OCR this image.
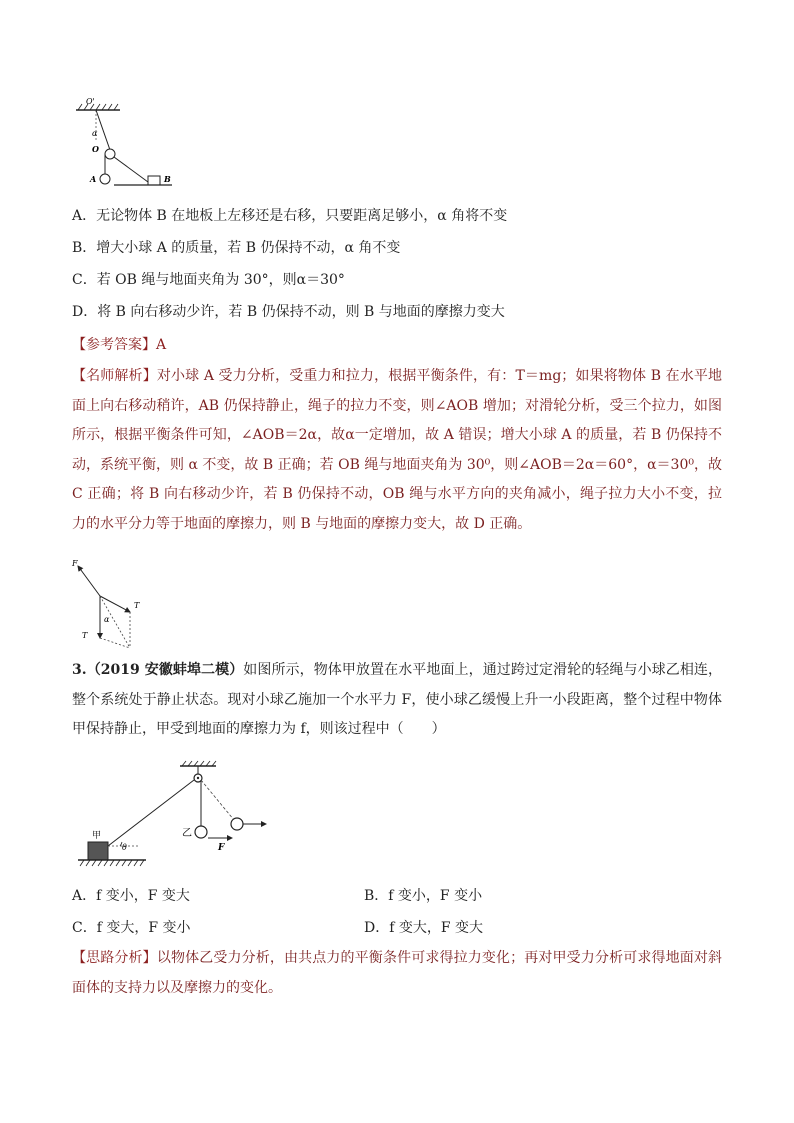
O'
α
O
A	B
A．无论物体 B 在地板上左移还是右移，只要距离足够小，α 角将不变
B．增大小球 A 的质量，若 B 仍保持不动，α 角不变
C．若 OB 绳与地面夹角为 30°，则α＝30°
D．将 B 向右移动少许，若 B 仍保持不动，则 B 与地面的摩擦力变大
【参考答案】A
【名师解析】对小球 A 受力分析，受重力和拉力，根据平衡条件，有：T＝mg；如果将物体 B 在水平地面上向右移动稍许，AB 仍保持静止，绳子的拉力不变，则∠AOB 增加；对滑轮分析，受三个拉力，如图所示，根据平衡条件可知，∠AOB＝2α，故α一定增加，故 A 错误；增大小球 A 的质量，若 B 仍保持不动，系统平衡，则 α 不变，故 B 正确；若 OB 绳与地面夹角为 30⁰，则∠AOB＝2α＝60°，α＝30⁰，故 C 正确；将 B 向右移动少许，若 B 仍保持不动，OB 绳与水平方向的夹角减小，绳子拉力大小不变，拉力的水平分力等于地面的摩擦力，则 B 与地面的摩擦力变大，故 D 正确。
F
T
T
α
3.（2019 安徽蚌埠二模）如图所示，物体甲放置在水平地面上，通过跨过定滑轮的轻绳与小球乙相连，整个系统处于静止状态。现对小球乙施加一个水平力 F，使小球乙缓慢上升一小段距离，整个过程中物体甲保持静止，甲受到地面的摩擦力为 f，则该过程中（　　）
乙
F
甲
θ
A．f 变小，F 变大	B．f 变小，F 变小
C．f 变大，F 变小	D．f 变大，F 变大
【思路分析】以物体乙受力分析，由共点力的平衡条件可求得拉力变化；再对甲受力分析可求得地面对斜面体的支持力以及摩擦力的变化。
